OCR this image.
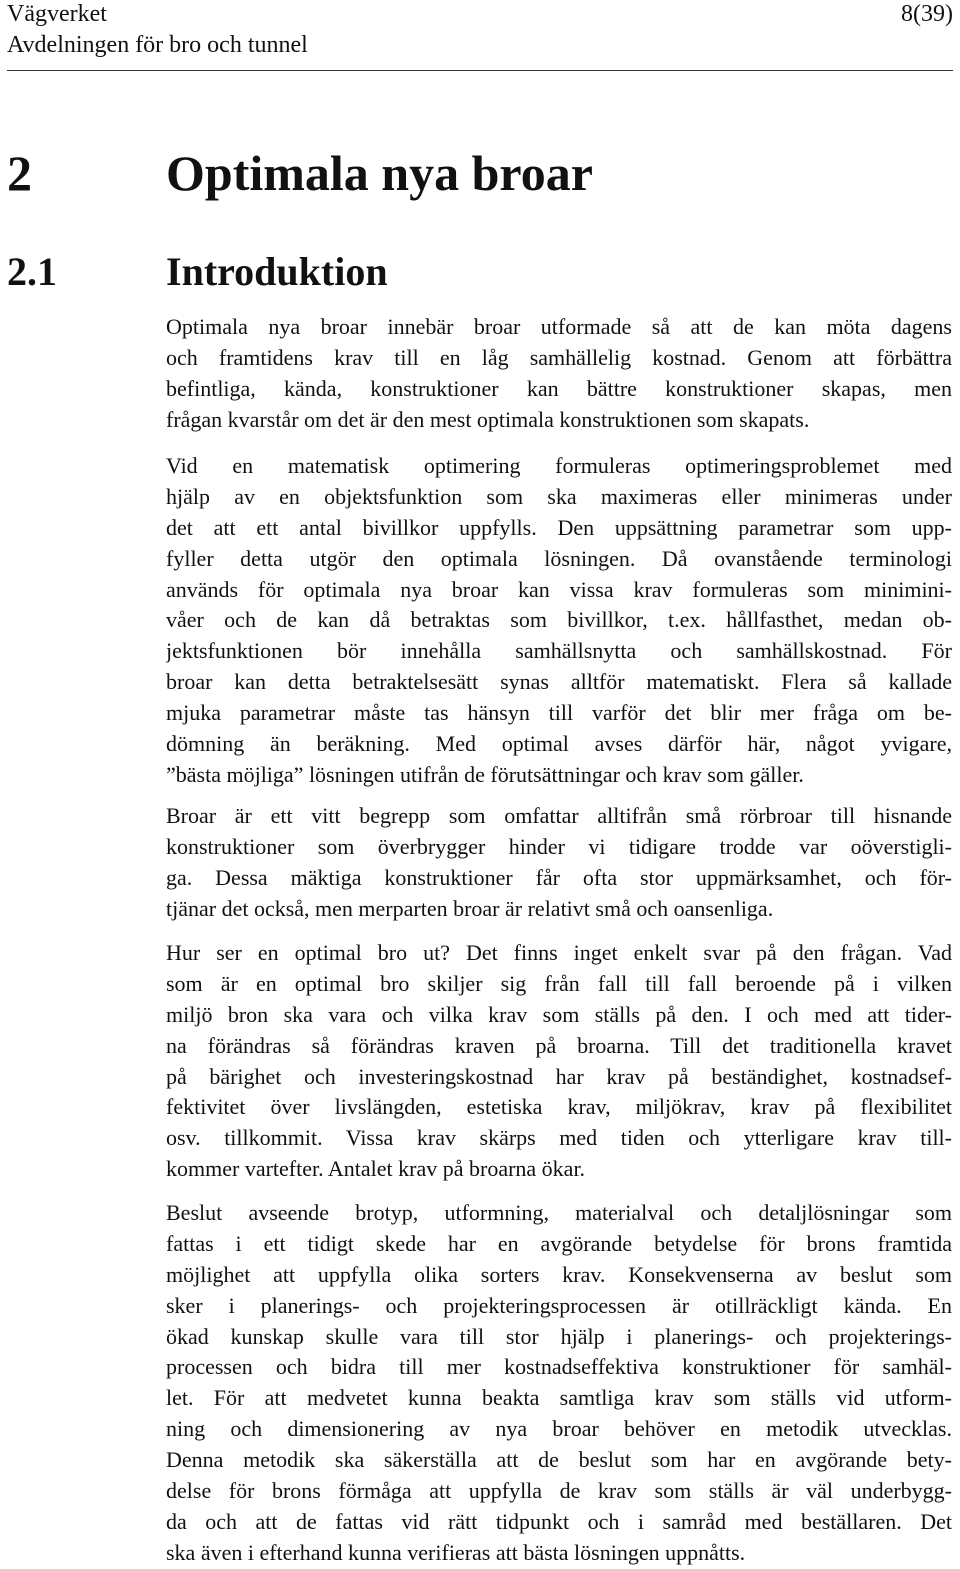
Vägverket
Avdelningen för bro och tunnel
8(39)
2	Optimala nya broar
2.1	Introduktion
Optimala nya broar innebär broar utformade så att de kan möta dagens
och framtidens krav till en låg samhällelig kostnad. Genom att förbättra
befintliga, kända, konstruktioner kan bättre konstruktioner skapas, men
frågan kvarstår om det är den mest optimala konstruktionen som skapats.
Vid en matematisk optimering formuleras optimeringsproblemet med
hjälp av en objektsfunktion som ska maximeras eller minimeras under
det att ett antal bivillkor uppfylls. Den uppsättning parametrar som upp-
fyller detta utgör den optimala lösningen. Då ovanstående terminologi
används för optimala nya broar kan vissa krav formuleras som minimini-
våer och de kan då betraktas som bivillkor, t.ex. hållfasthet, medan ob-
jektsfunktionen bör innehålla samhällsnytta och samhällskostnad. För
broar kan detta betraktelsesätt synas alltför matematiskt. Flera så kallade
mjuka parametrar måste tas hänsyn till varför det blir mer fråga om be-
dömning än beräkning. Med optimal avses därför här, något yvigare,
”bästa möjliga” lösningen utifrån de förutsättningar och krav som gäller.
Broar är ett vitt begrepp som omfattar alltifrån små rörbroar till hisnande
konstruktioner som överbrygger hinder vi tidigare trodde var oöverstigli-
ga. Dessa mäktiga konstruktioner får ofta stor uppmärksamhet, och för-
tjänar det också, men merparten broar är relativt små och oansenliga.
Hur ser en optimal bro ut? Det finns inget enkelt svar på den frågan. Vad
som är en optimal bro skiljer sig från fall till fall beroende på i vilken
miljö bron ska vara och vilka krav som ställs på den. I och med att tider-
na förändras så förändras kraven på broarna. Till det traditionella kravet
på bärighet och investeringskostnad har krav på beständighet, kostnadsef-
fektivitet över livslängden, estetiska krav, miljökrav, krav på flexibilitet
osv. tillkommit. Vissa krav skärps med tiden och ytterligare krav till-
kommer vartefter. Antalet krav på broarna ökar.
Beslut avseende brotyp, utformning, materialval och detaljlösningar som
fattas i ett tidigt skede har en avgörande betydelse för brons framtida
möjlighet att uppfylla olika sorters krav. Konsekvenserna av beslut som
sker i planerings- och projekteringsprocessen är otillräckligt kända. En
ökad kunskap skulle vara till stor hjälp i planerings- och projekterings-
processen och bidra till mer kostnadseffektiva konstruktioner för samhäl-
let. För att medvetet kunna beakta samtliga krav som ställs vid utform-
ning och dimensionering av nya broar behöver en metodik utvecklas.
Denna metodik ska säkerställa att de beslut som har en avgörande bety-
delse för brons förmåga att uppfylla de krav som ställs är väl underbygg-
da och att de fattas vid rätt tidpunkt och i samråd med beställaren. Det
ska även i efterhand kunna verifieras att bästa lösningen uppnåtts.
